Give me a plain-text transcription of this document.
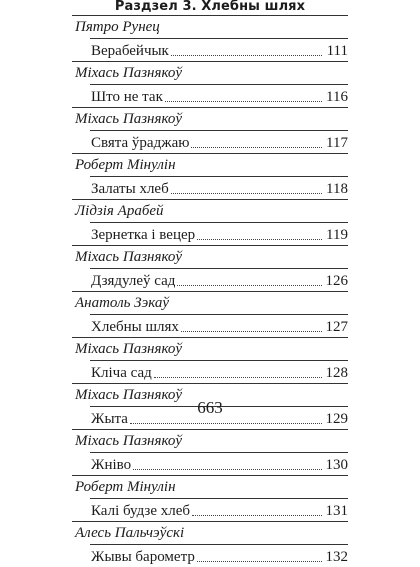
Раздзел 3. Хлебны шлях
Пятро Рунец
Верабейчык	111
Міхась Пазнякоў
Што не так	116
Міхась Пазнякоў
Свята ўраджаю	117
Роберт Мінулін
Залаты хлеб	118
Лідзія Арабей
Зернетка і вецер	119
Міхась Пазнякоў
Дзядулеў сад	126
Анатоль Зэкаў
Хлебны шлях	127
Міхась Пазнякоў
Кліча сад	128
Міхась Пазнякоў
Жыта	129
Міхась Пазнякоў
Жніво	130
Роберт Мінулін
Калі будзе хлеб	131
Алесь Пальчэўскі
Жывы барометр	132
663
